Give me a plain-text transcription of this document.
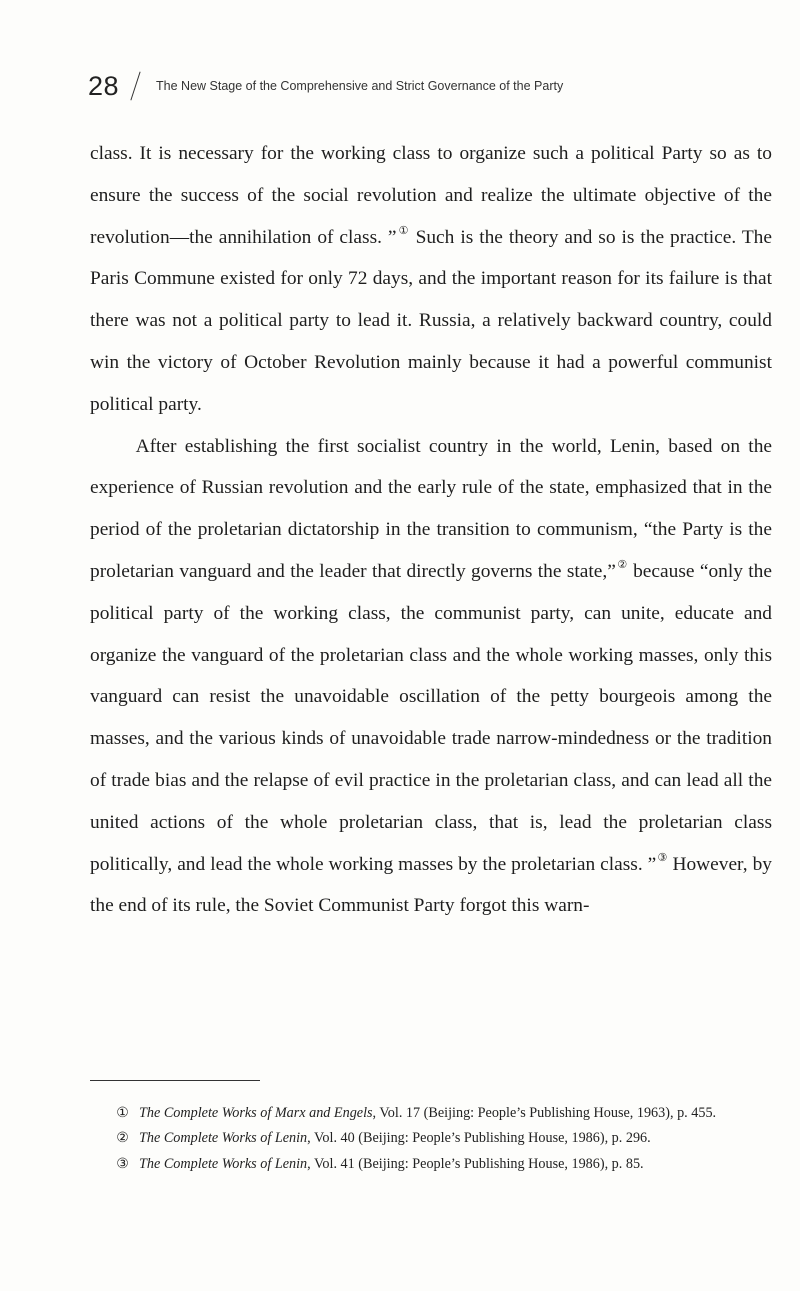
28	The New Stage of the Comprehensive and Strict Governance of the Party

class. It is necessary for the working class to organize such a political Party so as to ensure the success of the social revolution and realize the ultimate objective of the revolution—the annihilation of class. ”① Such is the theory and so is the practice. The Paris Commune existed for only 72 days, and the important reason for its failure is that there was not a political party to lead it. Russia, a relatively backward country, could win the victory of October Revolution mainly because it had a powerful communist political party.

After establishing the first socialist country in the world, Lenin, based on the experience of Russian revolution and the early rule of the state, emphasized that in the period of the proletarian dictatorship in the transition to communism, “the Party is the proletarian vanguard and the leader that directly governs the state,”② because “only the political party of the working class, the communist party, can unite, educate and organize the vanguard of the proletarian class and the whole working masses, only this vanguard can resist the unavoidable oscillation of the petty bourgeois among the masses, and the various kinds of unavoidable trade narrow-mindedness or the tradition of trade bias and the relapse of evil practice in the proletarian class, and can lead all the united actions of the whole proletarian class, that is, lead the proletarian class politically, and lead the whole working masses by the proletarian class. ”③ However, by the end of its rule, the Soviet Communist Party forgot this warn-

① The Complete Works of Marx and Engels, Vol. 17 (Beijing: People’s Publishing House, 1963), p. 455.

② The Complete Works of Lenin, Vol. 40 (Beijing: People’s Publishing House, 1986), p. 296.

③ The Complete Works of Lenin, Vol. 41 (Beijing: People’s Publishing House, 1986), p. 85.
